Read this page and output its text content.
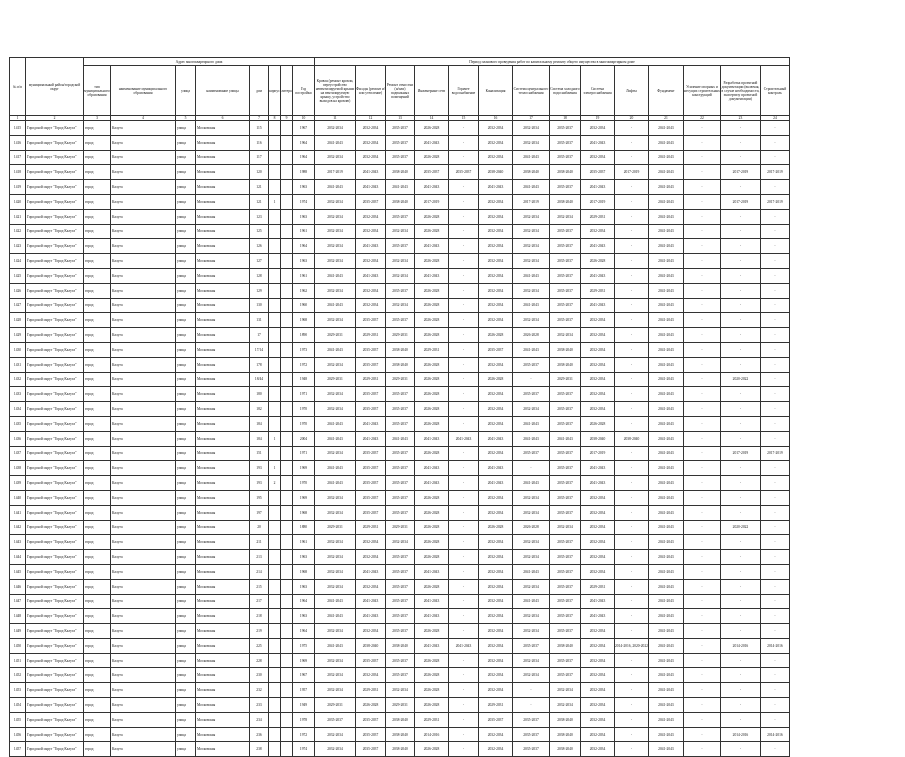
№ п/п	муниципальный район/городской округ	Адрес многоквартирного дома								Период планового проведения работ по капитальному ремонту общего имущества в многоквартирном доме													
		тип муниципального образования	наименование муниципального образования	улица	наименование улицы	дом	корпус	литера	Год постройки	Кровля (ремонт кровли, переустройство невентилируемой крыши на вентилируемую крышу, устройство выходов на кровлю)	Фасады (ремонт и/или утепление)	Ремонт отмостки (и/или) подвальных помещений	Инженерные сети	Горячее водоснабжение	Канализация	Система центрального теплоснабжения	Система холодного водоснабжения	Система электроснабжения	Лифты	Фундамент	Усиление опорных и несущих строительных конструкций	Разработка проектной документации (включая, в случае необходимости, экспертизу проектной документации)	Строительный контроль
1	2	3	4	5	6	7	8	9	10	11	12	13	14	15	16	17	18	19	20	21	22	23	24
1415	Городской округ "Город Калуга"	город	Калуга	улица	Московская	115			1967	2032-2034	2032-2034	2035-2037	2026-2028	-	2032-2034	2032-2034	2035-2037	2032-2034	-	2041-2043	-	-	-
1416	Городской округ "Город Калуга"	город	Калуга	улица	Московская	116			1964	2041-2043	2032-2034	2035-2037	2041-2043	-	2032-2034	2032-2034	2035-2037	2041-2043	-	2041-2043	-	-	-
1417	Городской округ "Город Калуга"	город	Калуга	улица	Московская	117			1964	2032-2034	2032-2034	2035-2037	2026-2028	-	2032-2034	2041-2043	2035-2037	2032-2034	-	2041-2043	-	-	-
1418	Городской округ "Город Калуга"	город	Калуга	улица	Московская	120			1988	2017-2019	2041-2043	2038-2040	2035-2037	2035-2037	2038-2040	2038-2040	2038-2040	2035-2037	2017-2019	2041-2043	-	2017-2019	2017-2019
1419	Городской округ "Город Калуга"	город	Калуга	улица	Московская	121			1963	2041-2043	2041-2043	2041-2043	2041-2043	-	2041-2043	2041-2043	2035-2037	2041-2043	-	2041-2043	-	-	-
1420	Городской округ "Город Калуга"	город	Калуга	улица	Московская	121	1		1974	2032-2034	2035-2037	2038-2040	2017-2019	-	2032-2034	2017-2019	2038-2040	2017-2019	-	2041-2043	-	2017-2019	2017-2019
1421	Городской округ "Город Калуга"	город	Калуга	улица	Московская	123			1963	2032-2034	2032-2034	2035-2037	2026-2028	-	2032-2034	2032-2034	2032-2034	2029-2031	-	2041-2043	-	-	-
1422	Городской округ "Город Калуга"	город	Калуга	улица	Московская	125			1961	2032-2034	2032-2034	2032-2034	2026-2028	-	2032-2034	2032-2034	2035-2037	2032-2034	-	2041-2043	-	-	-
1423	Городской округ "Город Калуга"	город	Калуга	улица	Московская	126			1964	2032-2034	2041-2043	2035-2037	2041-2043	-	2032-2034	2032-2034	2035-2037	2041-2043	-	2041-2043	-	-	-
1424	Городской округ "Город Калуга"	город	Калуга	улица	Московская	127			1963	2032-2034	2032-2034	2032-2034	2026-2028	-	2032-2034	2032-2034	2035-2037	2026-2028	-	2041-2043	-	-	-
1425	Городской округ "Город Калуга"	город	Калуга	улица	Московская	128			1961	2041-2043	2041-2043	2032-2034	2041-2043	-	2032-2034	2041-2043	2035-2037	2041-2043	-	2041-2043	-	-	-
1426	Городской округ "Город Калуга"	город	Калуга	улица	Московская	129			1962	2032-2034	2032-2034	2035-2037	2026-2028	-	2032-2034	2032-2034	2035-2037	2029-2031	-	2041-2043	-	-	-
1427	Городской округ "Город Калуга"	город	Калуга	улица	Московская	130			1960	2041-2043	2032-2034	2032-2034	2026-2028	-	2032-2034	2041-2043	2035-2037	2041-2043	-	2041-2043	-	-	-
1428	Городской округ "Город Калуга"	город	Калуга	улица	Московская	131			1968	2032-2034	2035-2037	2035-2037	2026-2028	-	2032-2034	2032-2034	2035-2037	2032-2034	-	2041-2043	-	-	-
1429	Городской округ "Город Калуга"	город	Калуга	улица	Московская	17			1890	2029-2031	2029-2031	2029-2031	2026-2028	-	2026-2028	2026-2028	2032-2034	2032-2034	-	2041-2043	-	-	-
1430	Городской округ "Город Калуга"	город	Калуга	улица	Московская	17/14			1973	2041-2043	2035-2037	2038-2040	2029-2031	-	2035-2037	2041-2043	2038-2040	2032-2034	-	2041-2043	-	-	-
1431	Городской округ "Город Калуга"	город	Калуга	улица	Московская	178			1972	2032-2034	2035-2037	2038-2040	2026-2028	-	2032-2034	2035-2037	2038-2040	2032-2034	-	2041-2043	-	-	-
1432	Городской округ "Город Калуга"	город	Калуга	улица	Московская	18/44			1948	2029-2031	2029-2031	2029-2031	2026-2028	-	2026-2028	-	2029-2031	2032-2034	-	2041-2043	-	2020-2022	-
1433	Городской округ "Город Калуга"	город	Калуга	улица	Московская	180			1971	2032-2034	2035-2037	2035-2037	2026-2028	-	2032-2034	2035-2037	2035-2037	2032-2034	-	2041-2043	-	-	-
1434	Городской округ "Город Калуга"	город	Калуга	улица	Московская	182			1970	2032-2034	2035-2037	2035-2037	2026-2028	-	2032-2034	2032-2034	2035-2037	2032-2034	-	2041-2043	-	-	-
1435	Городской округ "Город Калуга"	город	Калуга	улица	Московская	184			1970	2041-2043	2041-2043	2035-2037	2026-2028	-	2032-2034	2041-2043	2035-2037	2026-2028	-	2041-2043	-	-	-
1436	Городской округ "Город Калуга"	город	Калуга	улица	Московская	184	1		2004	2041-2043	2041-2043	2041-2043	2041-2043	2041-2043	2041-2043	2041-2043	2041-2043	2038-2040	2038-2040	2041-2043	-	-	-
1437	Городской округ "Город Калуга"	город	Калуга	улица	Московская	151			1971	2032-2034	2035-2037	2035-2037	2026-2028	-	2032-2034	2035-2037	2035-2037	2017-2019	-	2041-2043	-	2017-2019	2017-2019
1438	Городской округ "Город Калуга"	город	Калуга	улица	Московская	193	1		1969	2041-2043	2035-2037	2035-2037	2041-2043	-	2041-2043	-	2035-2037	2041-2043	-	2041-2043	-	-	-
1439	Городской округ "Город Калуга"	город	Калуга	улица	Московская	193	2		1970	2041-2043	2035-2037	2035-2037	2041-2043	-	2041-2043	2041-2043	2035-2037	2041-2043	-	2041-2043	-	-	-
1440	Городской округ "Город Калуга"	город	Калуга	улица	Московская	195			1969	2032-2034	2035-2037	2035-2037	2026-2028	-	2032-2034	2032-2034	2035-2037	2032-2034	-	2041-2043	-	-	-
1441	Городской округ "Город Калуга"	город	Калуга	улица	Московская	197			1968	2032-2034	2035-2037	2035-2037	2026-2028	-	2032-2034	2032-2034	2035-2037	2032-2034	-	2041-2043	-	-	-
1442	Городской округ "Город Калуга"	город	Калуга	улица	Московская	20			1880	2029-2031	2029-2031	2029-2031	2026-2028	-	2026-2028	2026-2028	2032-2034	2032-2034	-	2041-2043	-	2020-2022	-
1443	Городской округ "Город Калуга"	город	Калуга	улица	Московская	211			1961	2032-2034	2032-2034	2032-2034	2026-2028	-	2032-2034	2032-2034	2035-2037	2032-2034	-	2041-2043	-	-	-
1444	Городской округ "Город Калуга"	город	Калуга	улица	Московская	213			1963	2032-2034	2032-2034	2035-2037	2026-2028	-	2032-2034	2032-2034	2035-2037	2032-2034	-	2041-2043	-	-	-
1445	Городской округ "Город Калуга"	город	Калуга	улица	Московская	214			1968	2032-2034	2041-2043	2035-2037	2041-2043	-	2032-2034	2041-2043	2035-2037	2032-2034	-	2041-2043	-	-	-
1446	Городской округ "Город Калуга"	город	Калуга	улица	Московская	215			1963	2032-2034	2032-2034	2035-2037	2026-2028	-	2032-2034	2032-2034	2035-2037	2029-2031	-	2041-2043	-	-	-
1447	Городской округ "Город Калуга"	город	Калуга	улица	Московская	217			1964	2041-2043	2041-2043	2035-2037	2041-2043	-	2032-2034	2041-2043	2035-2037	2041-2043	-	2041-2043	-	-	-
1448	Городской округ "Город Калуга"	город	Калуга	улица	Московская	218			1963	2041-2043	2041-2043	2035-2037	2041-2043	-	2032-2034	2032-2034	2035-2037	2041-2043	-	2041-2043	-	-	-
1449	Городской округ "Город Калуга"	город	Калуга	улица	Московская	219			1964	2032-2034	2032-2034	2035-2037	2026-2028	-	2032-2034	2032-2034	2035-2037	2032-2034	-	2041-2043	-	-	-
1450	Городской округ "Город Калуга"	город	Калуга	улица	Московская	225			1975	2041-2043	2038-2040	2038-2040	2041-2043	2041-2043	2032-2034	2035-2037	2038-2040	2032-2034	2014-2016, 2020-2022	2041-2043	-	2014-2016	2014-2016
1451	Городской округ "Город Калуга"	город	Калуга	улица	Московская	228			1969	2032-2034	2035-2037	2035-2037	2026-2028	-	2032-2034	2032-2034	2035-2037	2032-2034	-	2041-2043	-	-	-
1452	Городской округ "Город Калуга"	город	Калуга	улица	Московская	230			1967	2032-2034	2032-2034	2035-2037	2026-2028	-	2032-2034	2032-2034	2035-2037	2032-2034	-	2041-2043	-	-	-
1453	Городской округ "Город Калуга"	город	Калуга	улица	Московская	232			1957	2032-2034	2029-2031	2032-2034	2026-2028	-	2032-2034	-	2032-2034	2032-2034	-	2041-2043	-	-	-
1454	Городской округ "Город Калуга"	город	Калуга	улица	Московская	233			1949	2029-2031	2026-2028	2029-2031	2026-2028	-	2029-2031	-	2032-2034	2032-2034	-	2041-2043	-	-	-
1455	Городской округ "Город Калуга"	город	Калуга	улица	Московская	234			1978	2035-2037	2035-2037	2038-2040	2029-2031	-	2035-2037	2035-2037	2038-2040	2032-2034	-	2041-2043	-	-	-
1456	Городской округ "Город Калуга"	город	Калуга	улица	Московская	236			1972	2032-2034	2035-2037	2038-2040	2014-2016	-	2032-2034	2035-2037	2038-2040	2032-2034	-	2041-2043	-	2014-2016	2014-2016
1457	Городской округ "Город Калуга"	город	Калуга	улица	Московская	238			1974	2032-2034	2035-2037	2038-2040	2026-2028	-	2032-2034	2035-2037	2038-2040	2032-2034	-	2041-2043	-	-	-
